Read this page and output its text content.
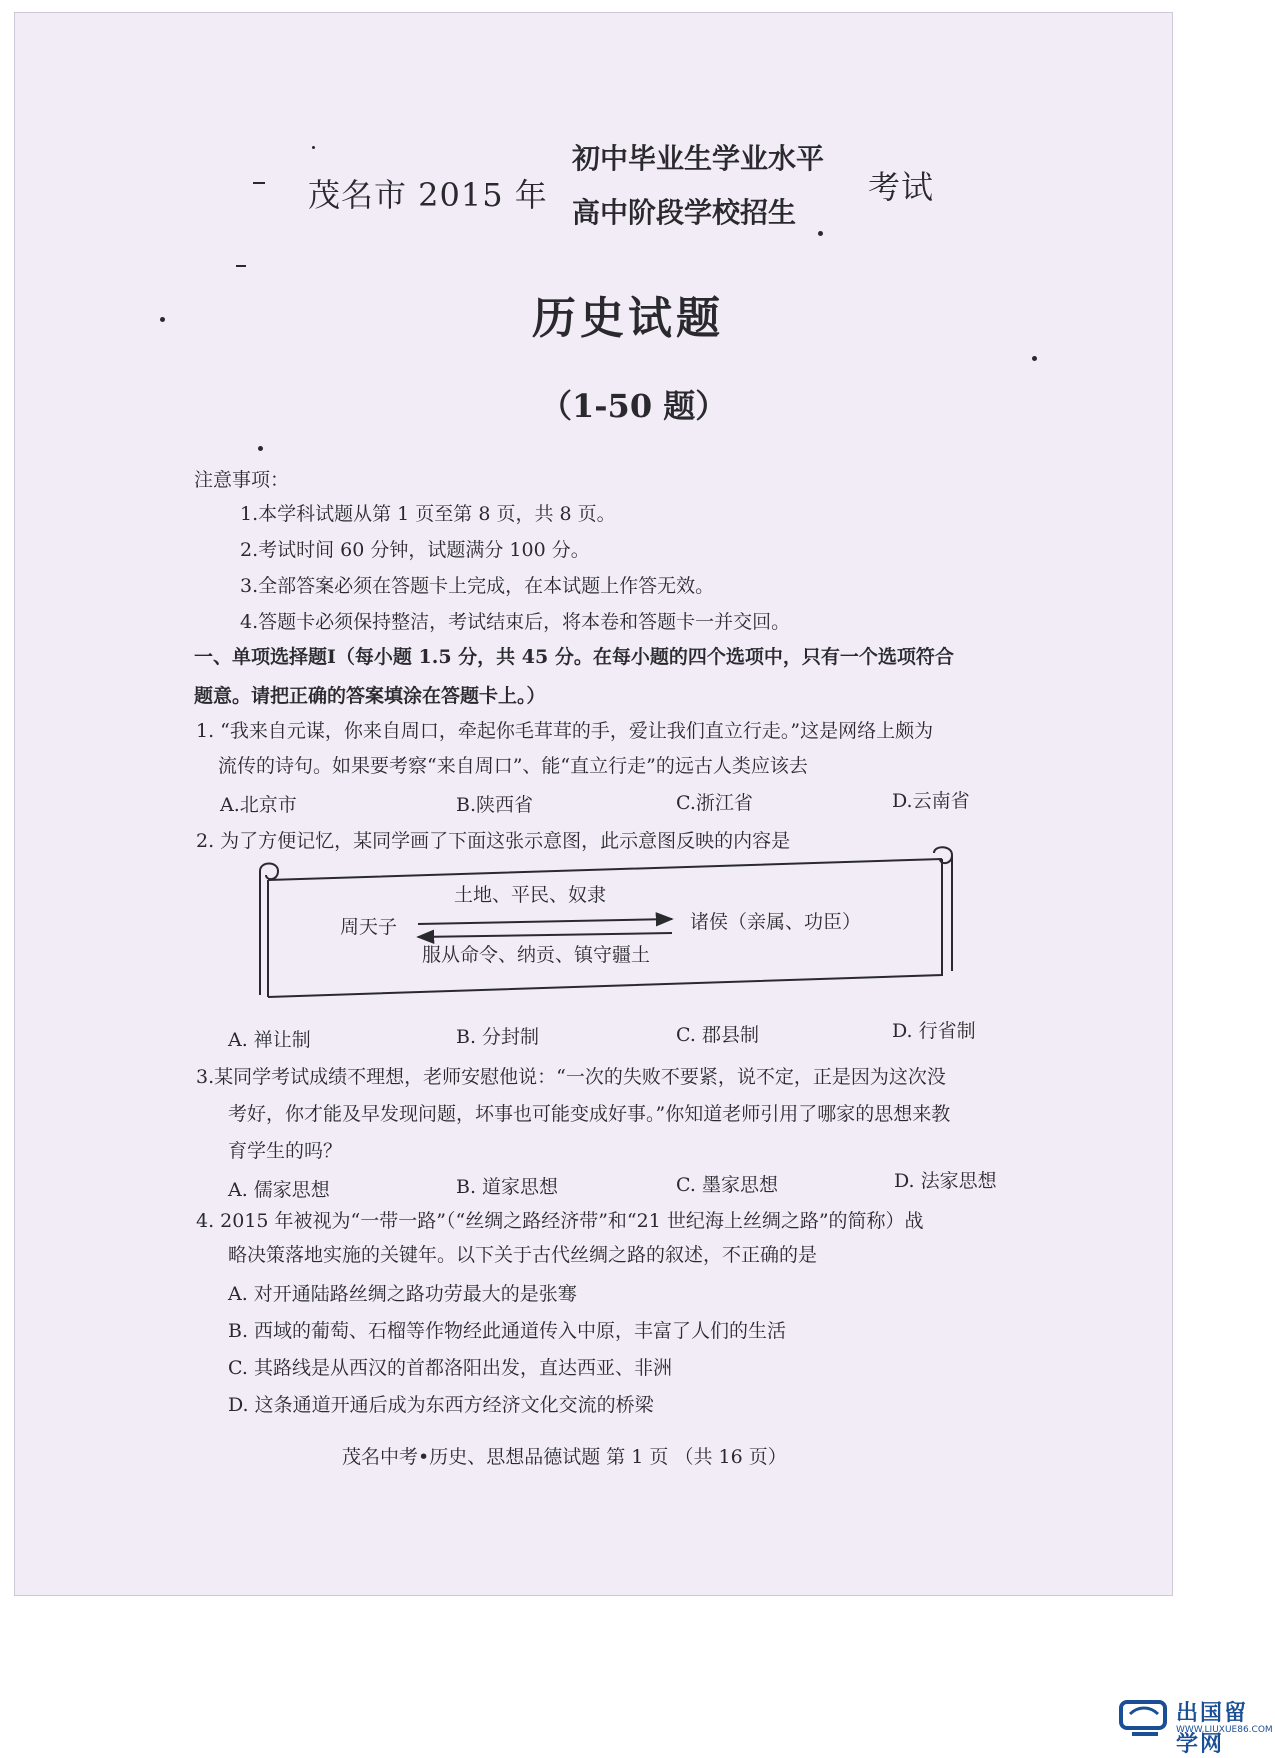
茂名市 2015 年
初中毕业生学业水平
高中阶段学校招生
考试
历史试题
（1-50 题）
注意事项：
1.本学科试题从第 1 页至第 8 页，共 8 页。
2.考试时间 60 分钟，试题满分 100 分。
3.全部答案必须在答题卡上完成，在本试题上作答无效。
4.答题卡必须保持整洁，考试结束后，将本卷和答题卡一并交回。
一、单项选择题Ⅰ（每小题 1.5 分，共 45 分。在每小题的四个选项中，只有一个选项符合
题意。请把正确的答案填涂在答题卡上。）
1. “我来自元谋，你来自周口，牵起你毛茸茸的手，爱让我们直立行走。”这是网络上颇为
流传的诗句。如果要考察“来自周口”、能“直立行走”的远古人类应该去
A.北京市	B.陕西省	C.浙江省	D.云南省
2. 为了方便记忆，某同学画了下面这张示意图，此示意图反映的内容是
周天子	诸侯（亲属、功臣）
土地、平民、奴隶
服从命令、纳贡、镇守疆土
A. 禅让制	B. 分封制	C. 郡县制	D. 行省制
3.某同学考试成绩不理想，老师安慰他说：“一次的失败不要紧，说不定，正是因为这次没
考好，你才能及早发现问题，坏事也可能变成好事。”你知道老师引用了哪家的思想来教
育学生的吗？
A. 儒家思想	B. 道家思想	C. 墨家思想	D. 法家思想
4. 2015 年被视为“一带一路”（“丝绸之路经济带”和“21 世纪海上丝绸之路”的简称）战
略决策落地实施的关键年。以下关于古代丝绸之路的叙述，不正确的是
A. 对开通陆路丝绸之路功劳最大的是张骞
B. 西域的葡萄、石榴等作物经此通道传入中原，丰富了人们的生活
C. 其路线是从西汉的首都洛阳出发，直达西亚、非洲
D. 这条通道开通后成为东西方经济文化交流的桥梁
茂名中考•历史、思想品德试题 第 1 页 （共 16 页）
出国留学网
WWW.LIUXUE86.COM
